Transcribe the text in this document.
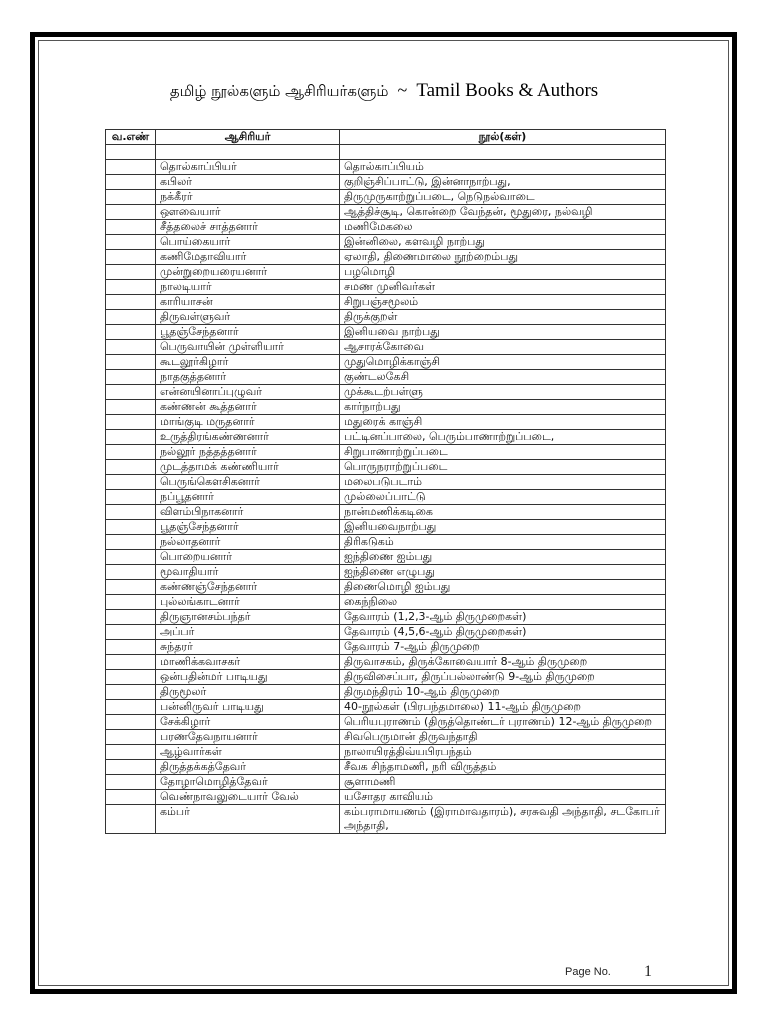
தமிழ் நூல்களும் ஆசிரியர்களும் ~ Tamil Books & Authors
வ.எண்	ஆசிரியர்	நூல்(கள்)

	தொல்காப்பியர்	தொல்காப்பியம்
	கபிலர்	குறிஞ்சிப்பாட்டு, இன்னாநாற்பது,
	நக்கீரர்	திருமுருகாற்றுப்படை, நெடுநல்வாடை
	ஔவையார்	ஆத்திச்சூடி, கொன்றை வேந்தன், மூதுரை, நல்வழி
	சீத்தலைச் சாத்தனார்	மணிமேகலை
	பொய்கையார்	இன்னிலை, களவழி நாற்பது
	கணிமேதாவியார்	ஏலாதி, திணைமாலை நூற்றைம்பது
	முன்றுறையரையனார்	பழமொழி
	நாலடியார்	சமண முனிவர்கள்
	காரியாசன்	சிறுபஞ்சமூலம்
	திருவள்ளுவர்	திருக்குறள்
	பூதஞ்சேந்தனார்	இனியவை நாற்பது
	பெருவாயின் முள்ளியார்	ஆசாரக்கோவை
	கூடலூர்கிழார்	முதுமொழிக்காஞ்சி
	நாதகுத்தனார்	குண்டலகேசி
	என்னயினாப்புழுவர்	முக்கூடற்பள்ளு
	கண்ணன் கூத்தனார்	கார்நாற்பது
	மாங்குடி மருதனார்	மதுரைக் காஞ்சி
	உருத்திரங்கண்ணனார்	பட்டினப்பாலை, பெரும்பாணாற்றுப்படை,
	நல்லூர் நத்தத்தனார்	சிறுபாணாற்றுப்படை
	முடத்தாமக் கண்ணியார்	பொருநராற்றுப்படை
	பெருங்கௌசிகனார்	மலைபடுபடாம்
	நப்பூதனார்	முல்லைப்பாட்டு
	விளம்பிநாகனார்	நான்மணிக்கடிகை
	பூதஞ்சேந்தனார்	இனியவைநாற்பது
	நல்லாதனார்	திரிகடுகம்
	பொறையனார்	ஐந்திணை ஐம்பது
	மூவாதியார்	ஐந்திணை எழுபது
	கண்ணஞ்சேந்தனார்	திணைமொழி ஐம்பது
	புல்லங்காடனார்	கைந்நிலை
	திருஞானசம்பந்தர்	தேவாரம் (1,2,3-ஆம் திருமுறைகள்)
	அப்பர்	தேவாரம் (4,5,6-ஆம் திருமுறைகள்)
	சுந்தரர்	தேவாரம் 7-ஆம் திருமுறை
	மாணிக்கவாசகர்	திருவாசகம், திருக்கோவையார் 8-ஆம் திருமுறை
	ஒன்பதின்மர் பாடியது	திருவிசைப்பா, திருப்பல்லாண்டு 9-ஆம் திருமுறை
	திருமூலர்	திருமந்திரம் 10-ஆம் திருமுறை
	பன்னிருவர் பாடியது	40-நூல்கள் (பிரபந்தமாலை) 11-ஆம் திருமுறை
	சேக்கிழார்	பெரியபுராணம் (திருத்தொண்டர் புராணம்) 12-ஆம் திருமுறை
	பரணதேவநாயனார்	சிவபெருமான் திருவந்தாதி
	ஆழ்வார்கள்	நாலாயிரத்திவ்யபிரபந்தம்
	திருத்தக்கத்தேவர்	சீவக சிந்தாமணி, நரி விருத்தம்
	தோழாமொழித்தேவர்	சூளாமணி
	வெண்நாவலுடையார் வேல்	யசோதர காவியம்
	கம்பர்	கம்பராமாயணம் (இராமாவதாரம்), சரசுவதி அந்தாதி, சடகோபர் அந்தாதி,
Page No. 1
